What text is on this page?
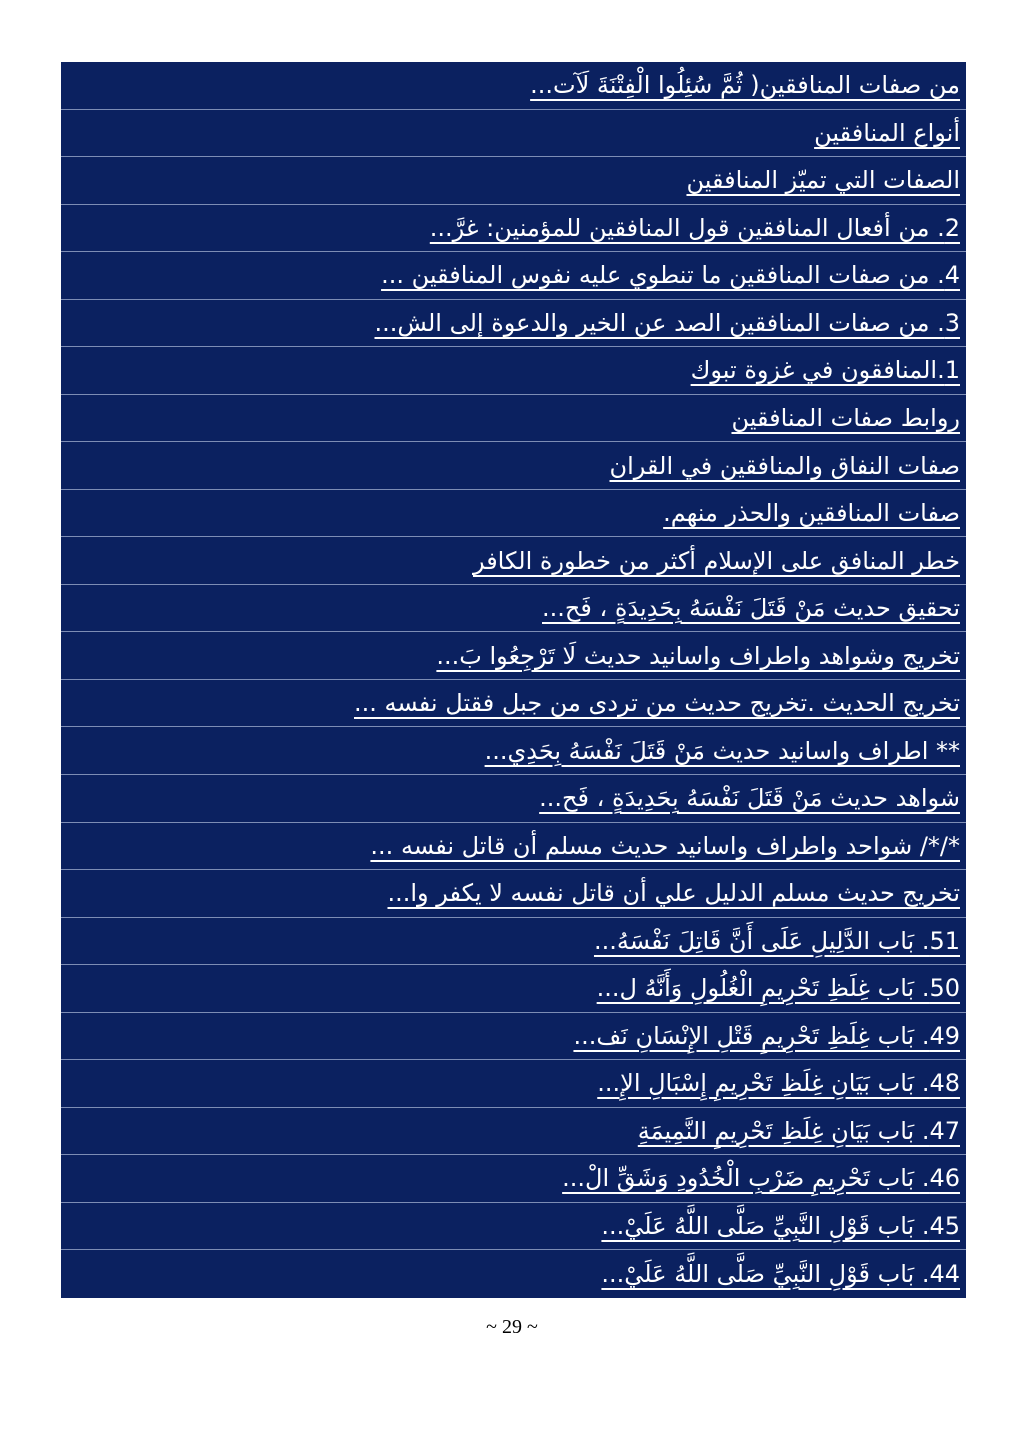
من صفات المنافقين( ثُمَّ سُئِلُوا الْفِتْنَةَ لَآت...
أنواع المنافقين
الصفات التي تميّز المنافقين
2. من أفعال المنافقين قول المنافقين للمؤمنين: غرَّ...
4. من صفات المنافقين ما تنطوي عليه نفوس المنافقين ...
3. من صفات المنافقين الصد عن الخير والدعوة إلى الش...
1.المنافقون في غزوة تبوك
روابط صفات المنافقين
صفات النفاق والمنافقين في القران
صفات المنافقين والحذر منهم.
خطر المنافق على الإسلام أكثر من خطورة الكافر
تحقيق حديث مَنْ قَتَلَ نَفْسَهُ بِحَدِيدَةٍ ، فَح...
تخريج وشواهد واطراف واسانيد حديث لَا تَرْجِعُوا بَ...
تخريج الحديث .تخريج حديث من تردى من جبل فقتل نفسه ...
** اطراف واسانيد حديث مَنْ قَتَلَ نَفْسَهُ بِحَدِي...
شواهد حديث مَنْ قَتَلَ نَفْسَهُ بِحَدِيدَةٍ ، فَح...
*/*/ شواحد واطراف واسانيد حديث مسلم أن قاتل نفسه ...
تخريج حديث مسلم الدليل علي أن قاتل نفسه لا يكفر وا...
51. بَاب الدَّلِيلِ عَلَى أَنَّ قَاتِلَ نَفْسَهُ...
50. بَاب غِلَظِ تَحْرِيمِ الْغُلُولِ وَأَنَّهُ ل...
49. بَاب غِلَظِ تَحْرِيمِ قَتْلِ الإِنْسَانِ نَف...
48. بَاب بَيَانِ غِلَظِ تَحْرِيمِ إِسْبَالِ الإِ...
47. بَاب بَيَانِ غِلَظِ تَحْرِيمِ النَّمِيمَةِ
46. بَاب تَحْرِيمِ ضَرْبِ الْخُدُودِ وَشَقِّ الْ...
45. بَاب قَوْلِ النَّبِيِّ صَلَّى اللَّهُ عَلَيْ...
44. بَاب قَوْلِ النَّبِيِّ صَلَّى اللَّهُ عَلَيْ...
~ 29 ~
